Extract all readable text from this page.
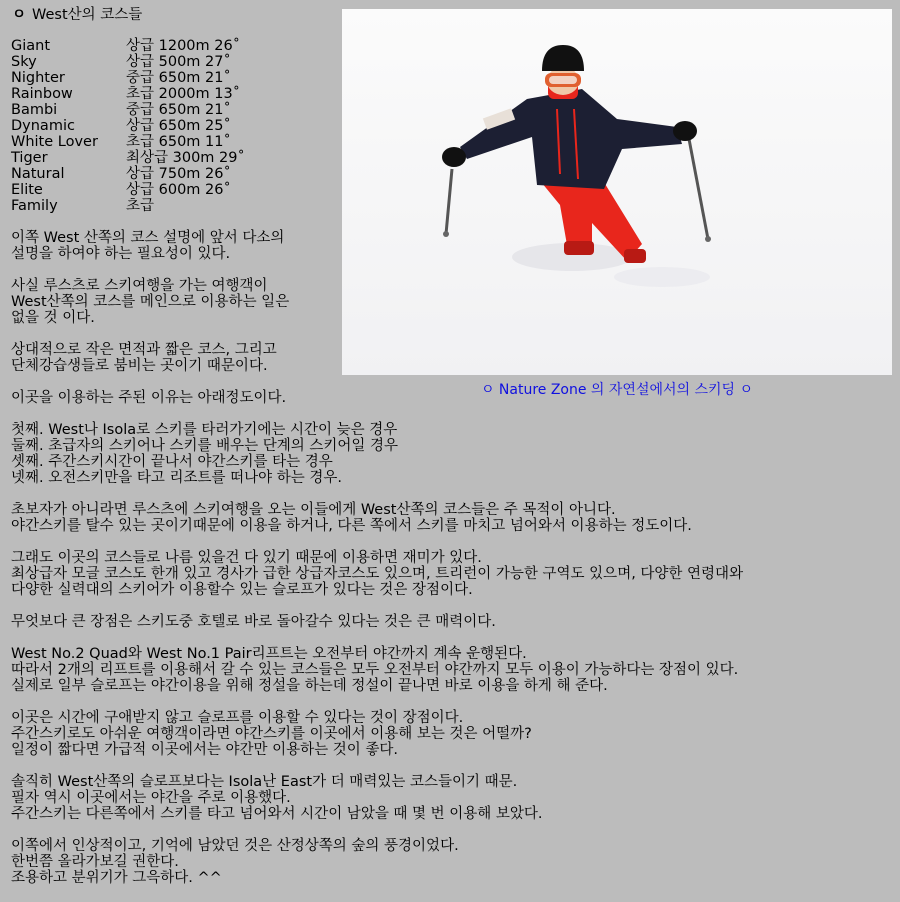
ㅇ West산의 코스들
Giant	상급 1200m 26˚
Sky	상급 500m 27˚
Nighter	중급 650m 21˚
Rainbow	초급 2000m 13˚
Bambi	중급 650m 21˚
Dynamic	상급 650m 25˚
White Lover	초급 650m 11˚
Tiger	최상급 300m 29˚
Natural	상급 750m 26˚
Elite	상급 600m 26˚
Family	초급
이쪽 West 산쪽의 코스 설명에 앞서 다소의
설명을 하여야 하는 필요성이 있다.
사실 루스츠로 스키여행을 가는 여행객이
West산쪽의 코스를 메인으로 이용하는 일은
없을 것 이다.
상대적으로 작은 면적과 짧은 코스, 그리고
단체강습생들로 붐비는 곳이기 때문이다.
이곳을 이용하는 주된 이유는 아래정도이다.	ㅇ Nature Zone 의 자연설에서의 스키딩 ㅇ
첫째. West나 Isola로 스키를 타러가기에는 시간이 늦은 경우
둘째. 초급자의 스키어나 스키를 배우는 단계의 스키어일 경우
셋째. 주간스키시간이 끝나서 야간스키를 타는 경우
넷째. 오전스키만을 타고 리조트를 떠나야 하는 경우.
초보자가 아니라면 루스츠에 스키여행을 오는 이들에게 West산쪽의 코스들은 주 목적이 아니다.
야간스키를 탈수 있는 곳이기때문에 이용을 하거나, 다른 쪽에서 스키를 마치고 넘어와서 이용하는 정도이다.
그래도 이곳의 코스들로 나름 있을건 다 있기 때문에 이용하면 재미가 있다.
최상급자 모글 코스도 한개 있고 경사가 급한 상급자코스도 있으며, 트리런이 가능한 구역도 있으며, 다양한 연령대와
다양한 실력대의 스키어가 이용할수 있는 슬로프가 있다는 것은 장점이다.
무엇보다 큰 장점은 스키도중 호텔로 바로 돌아갈수 있다는 것은 큰 매력이다.
West No.2 Quad와 West No.1 Pair리프트는 오전부터 야간까지 계속 운행된다.
따라서 2개의 리프트를 이용해서 갈 수 있는 코스들은 모두 오전부터 야간까지 모두 이용이 가능하다는 장점이 있다.
실제로 일부 슬로프는 야간이용을 위해 정설을 하는데 정설이 끝나면 바로 이용을 하게 해 준다.
이곳은 시간에 구애받지 않고 슬로프를 이용할 수 있다는 것이 장점이다.
주간스키로도 아쉬운 여행객이라면 야간스키를 이곳에서 이용해 보는 것은 어떨까?
일정이 짧다면 가급적 이곳에서는 야간만 이용하는 것이 좋다.
솔직히 West산쪽의 슬로프보다는 Isola난 East가 더 매력있는 코스들이기 때문.
필자 역시 이곳에서는 야간을 주로 이용했다.
주간스키는 다른쪽에서 스키를 타고 넘어와서 시간이 남았을 때 몇 번 이용해 보았다.
이쪽에서 인상적이고, 기억에 남았던 것은 산정상쪽의 숲의 풍경이었다.
한번쯤 올라가보길 권한다.
조용하고 분위기가 그윽하다. ^^
